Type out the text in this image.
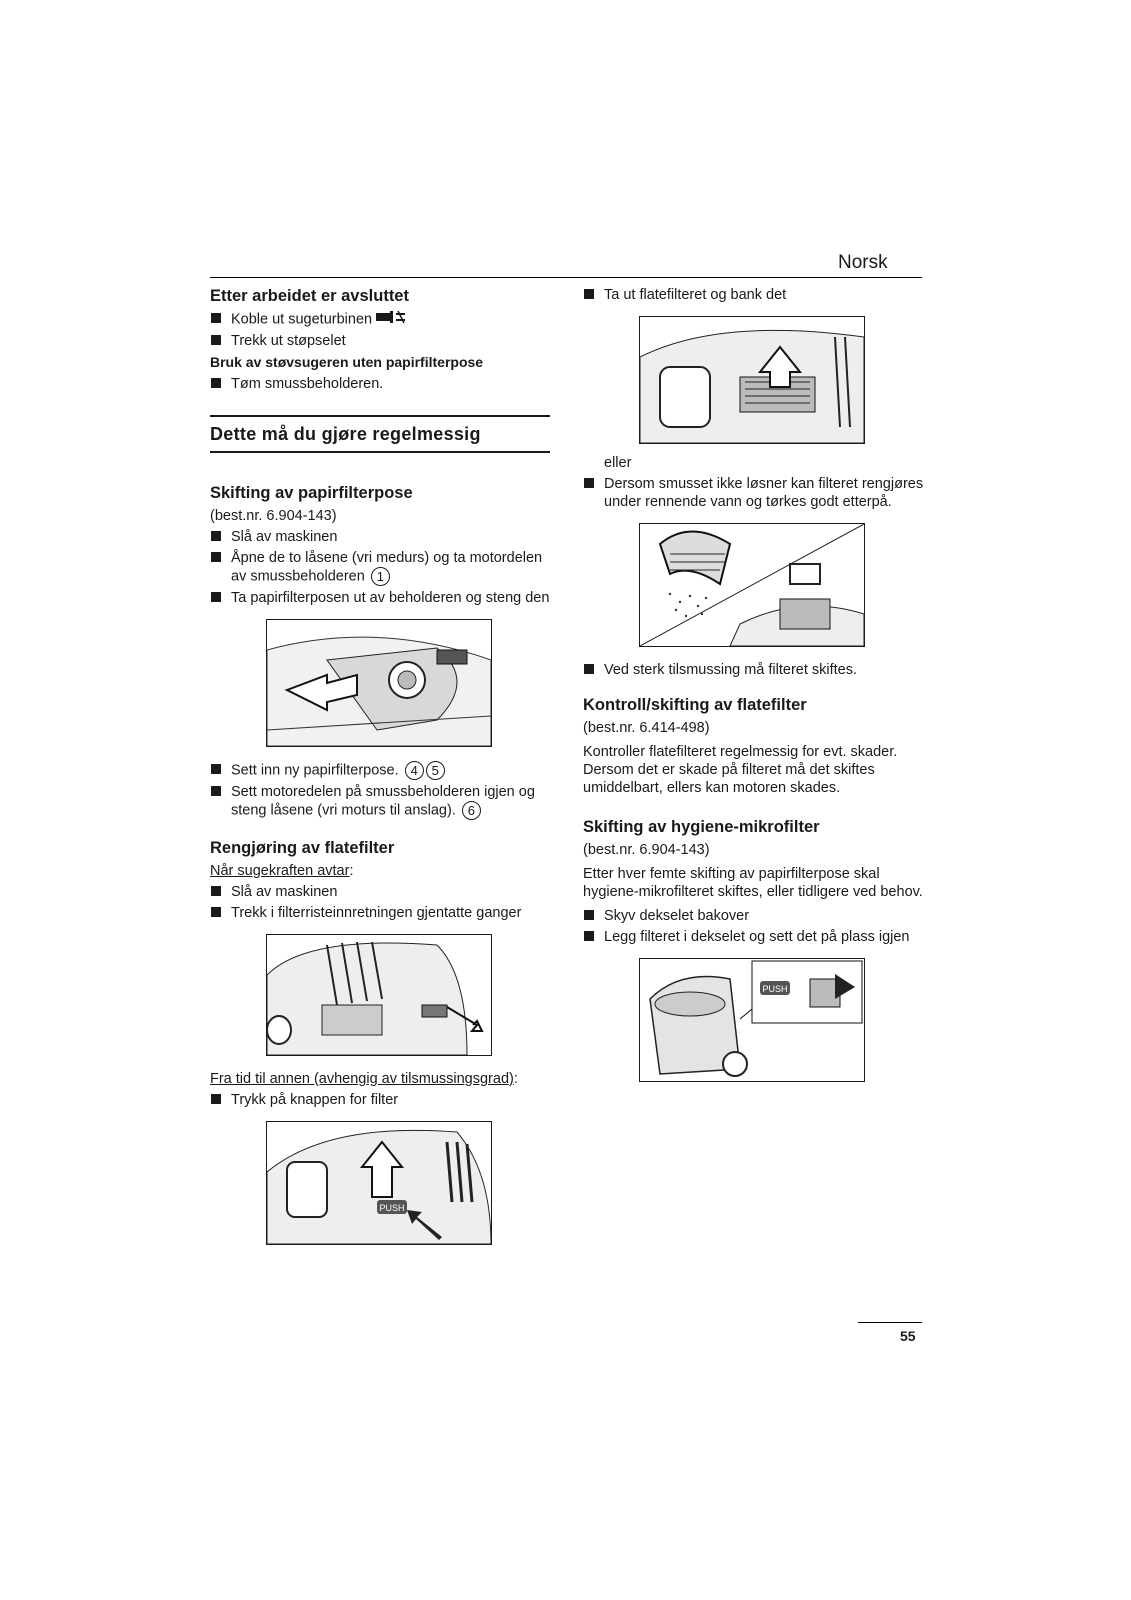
Norsk
Etter arbeidet er avsluttet
Koble ut sugeturbinen
Trekk ut støpselet
Bruk av støvsugeren uten papirfilterpose
Tøm smussbeholderen.
Dette må du gjøre regelmessig
Skifting av papirfilterpose
(best.nr. 6.904-143)
Slå av maskinen
Åpne de to låsene (vri medurs) og ta motordelen av smussbeholderen 1
Ta papirfilterposen ut av beholderen og steng den
Sett inn ny papirfilterpose. 4 5
Sett motoredelen på smussbeholderen igjen og steng låsene (vri moturs til anslag). 6
Rengjøring av flatefilter
Når sugekraften avtar:
Slå av maskinen
Trekk i filterristeinnretningen gjentatte ganger
Fra tid til annen (avhengig av tilsmussingsgrad):
Trykk på knappen for filter
PUSH
Ta ut flatefilteret og bank det
eller
Dersom smusset ikke løsner kan filteret rengjøres under rennende vann og tørkes godt etterpå.
Ved sterk tilsmussing må filteret skiftes.
Kontroll/skifting av flatefilter
(best.nr. 6.414-498)
Kontroller flatefilteret regelmessig for evt. skader. Dersom det er skade på filteret må det skiftes umiddelbart, ellers kan motoren skades.
Skifting av hygiene-mikrofilter
(best.nr. 6.904-143)
Etter hver femte skifting av papirfilterpose skal hygiene-mikrofilteret skiftes, eller tidligere ved behov.
Skyv dekselet bakover
Legg filteret i dekselet og sett det på plass igjen
PUSH
55
